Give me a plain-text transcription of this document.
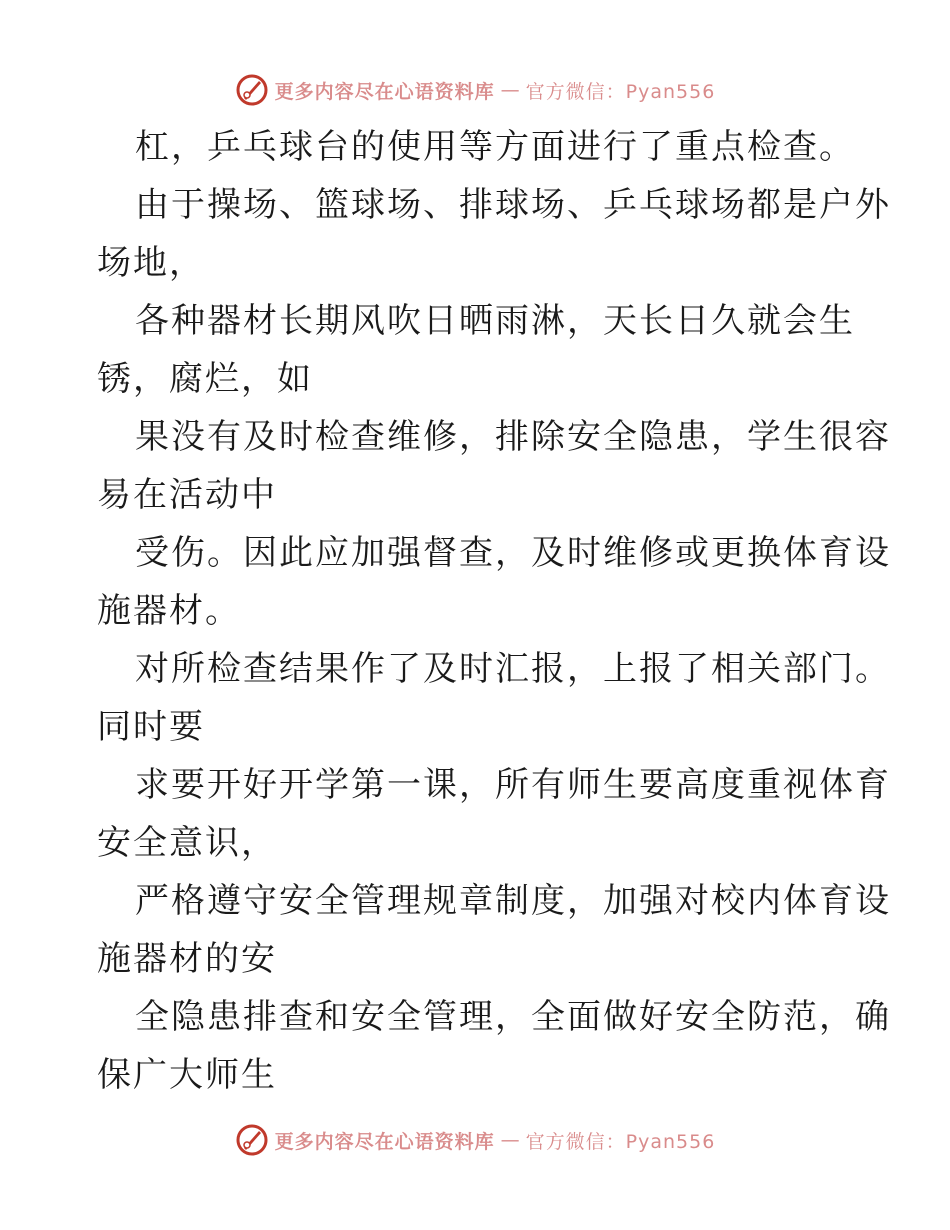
更多内容尽在心语资料库 — 官方微信：Pyan556
杠，乒乓球台的使用等方面进行了重点检查。
由于操场、篮球场、排球场、乒乓球场都是户外
场地，
各种器材长期风吹日晒雨淋，天长日久就会生
锈，腐烂，如
果没有及时检查维修，排除安全隐患，学生很容
易在活动中
受伤。因此应加强督查，及时维修或更换体育设
施器材。
对所检查结果作了及时汇报，上报了相关部门。
同时要
求要开好开学第一课，所有师生要高度重视体育
安全意识，
严格遵守安全管理规章制度，加强对校内体育设
施器材的安
全隐患排查和安全管理，全面做好安全防范，确
保广大师生
更多内容尽在心语资料库 — 官方微信：Pyan556
